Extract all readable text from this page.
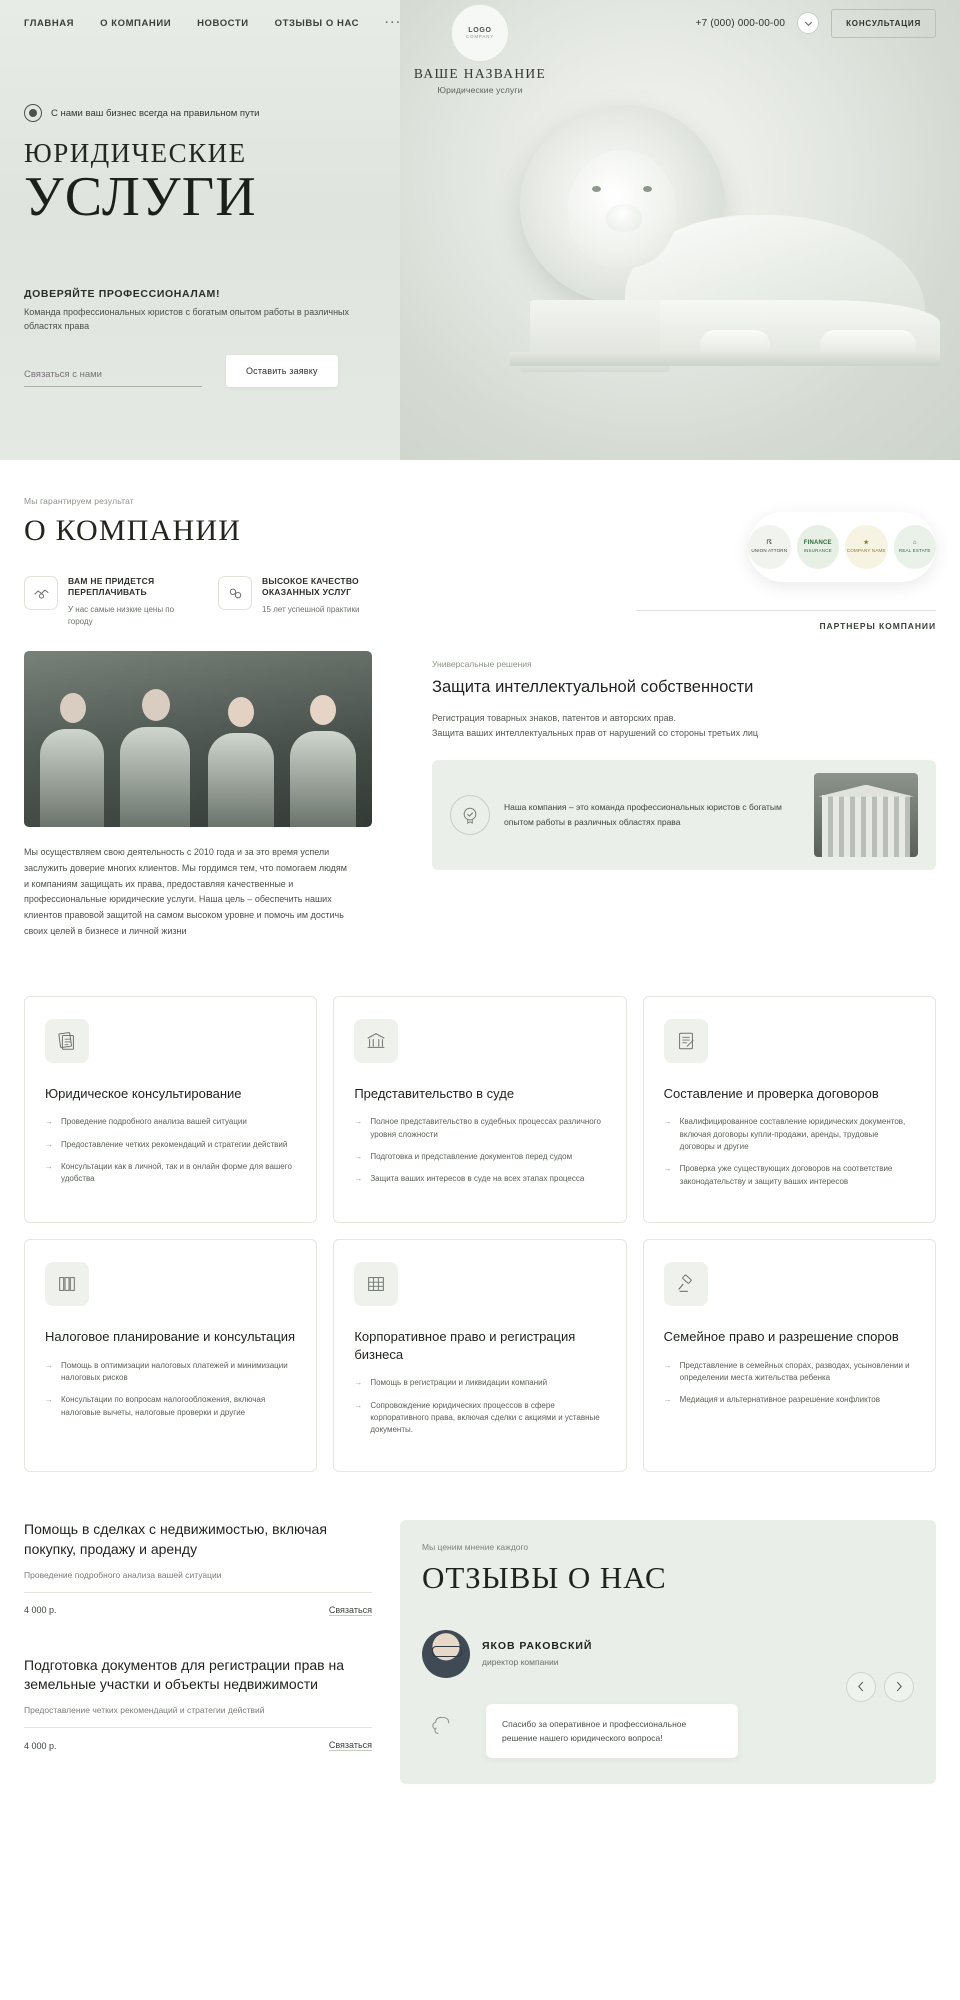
ГЛАВНАЯ	О КОМПАНИИ	НОВОСТИ	ОТЗЫВЫ О НАС ···
LOGO
COMPANY
ВАШЕ НАЗВАНИЕ
Юридические услуги
+7 (000) 000-00-00	КОНСУЛЬТАЦИЯ
С нами ваш бизнес всегда на правильном пути
ЮРИДИЧЕСКИЕ
УСЛУГИ
ДОВЕРЯЙТЕ ПРОФЕССИОНАЛАМ!
Команда профессиональных юристов с богатым опытом работы в различных областях права
Связаться с нами
Оставить заявку
Мы гарантируем результат
О КОМПАНИИ
ВАМ НЕ ПРИДЕТСЯ ПЕРЕПЛАЧИВАТЬ
У нас самые низкие цены по городу
ВЫСОКОЕ КАЧЕСТВО ОКАЗАННЫХ УСЛУГ
15 лет успешной практики
Мы осуществляем свою деятельность с 2010 года и за это время успели заслужить доверие многих клиентов. Мы гордимся тем, что помогаем людям и компаниям защищать их права, предоставляя качественные и профессиональные юридические услуги. Наша цель – обеспечить наших клиентов правовой защитой на самом высоком уровне и помочь им достичь своих целей в бизнесе и личной жизни
☈
UNION ATTORN
FINANCE
INSURANCE
★
COMPANY NAME
⌂
REAL ESTATE
ПАРТНЕРЫ КОМПАНИИ
Универсальные решения
Защита интеллектуальной собственности
Регистрация товарных знаков, патентов и авторских прав.
Защита ваших интеллектуальных прав от нарушений со стороны третьих лиц

Наша компания – это команда профессиональных юристов с богатым опытом работы в различных областях права

Юридическое консультирование
→ Проведение подробного анализа вашей ситуации
→ Предоставление четких рекомендаций и стратегии действий
→ Консультации как в личной, так и в онлайн форме для вашего удобства
Представительство в суде
→ Полное представительство в судебных процессах различного уровня сложности
→ Подготовка и представление документов перед судом
→ Защита ваших интересов в суде на всех этапах процесса
Составление и проверка договоров
→ Квалифицированное составление юридических документов, включая договоры купли-продажи, аренды, трудовые договоры и другие
→ Проверка уже существующих договоров на соответствие законодательству и защиту ваших интересов
Налоговое планирование и консультация
→ Помощь в оптимизации налоговых платежей и минимизации налоговых рисков
→ Консультации по вопросам налогообложения, включая налоговые вычеты, налоговые проверки и другие
Корпоративное право и регистрация бизнеса
→ Помощь в регистрации и ликвидации компаний
→ Сопровождение юридических процессов в сфере корпоративного права, включая сделки с акциями и уставные документы.
Семейное право и разрешение споров
→ Представление в семейных спорах, разводах, усыновлении и определении места жительства ребенка
→ Медиация и альтернативное разрешение конфликтов
Помощь в сделках с недвижимостью, включая покупку, продажу и аренду
Проведение подробного анализа вашей ситуации
4 000 р.	Связаться
Подготовка документов для регистрации прав на земельные участки и объекты недвижимости
Предоставление четких рекомендаций и стратегии действий
4 000 р.	Связаться
Мы ценим мнение каждого
ОТЗЫВЫ О НАС
ЯКОВ РАКОВСКИЙ
директор компании
Спасибо за оперативное и профессиональное решение нашего юридического вопроса!
